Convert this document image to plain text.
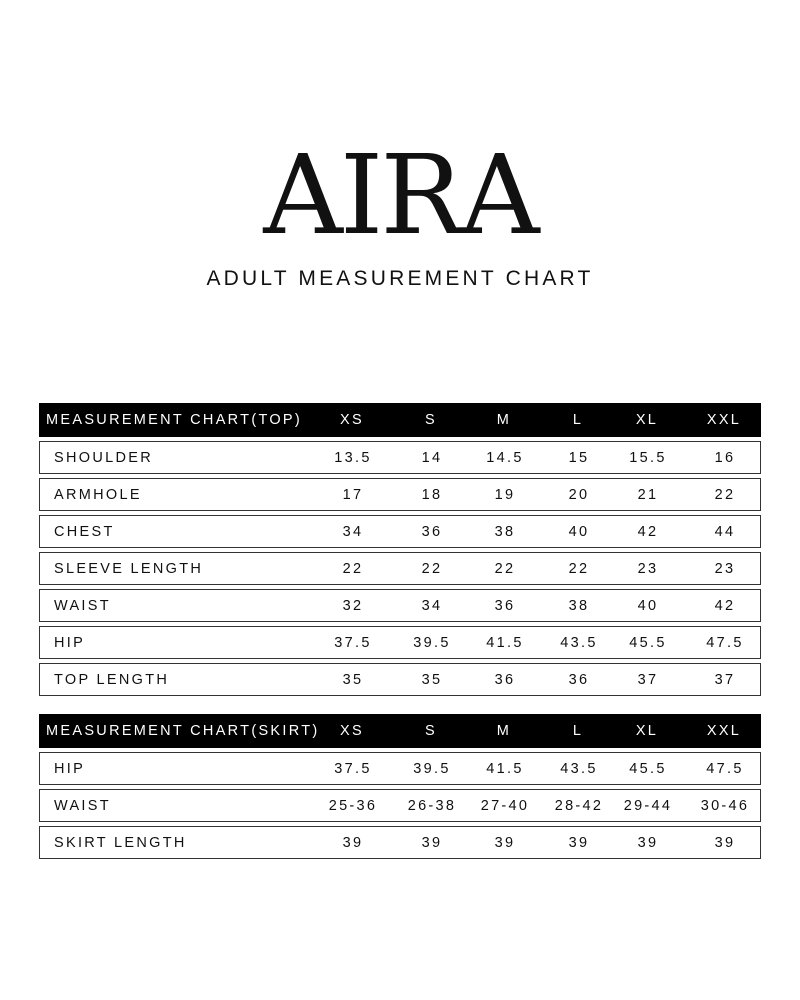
AIRA
ADULT MEASUREMENT CHART
MEASUREMENT CHART(TOP)	XS	S	M	L	XL	XXL
SHOULDER	13.5	14	14.5	15	15.5	16
ARMHOLE	17	18	19	20	21	22
CHEST	34	36	38	40	42	44
SLEEVE LENGTH	22	22	22	22	23	23
WAIST	32	34	36	38	40	42
HIP	37.5	39.5	41.5	43.5	45.5	47.5
TOP LENGTH	35	35	36	36	37	37
MEASUREMENT CHART(SKIRT)	XS	S	M	L	XL	XXL
HIP	37.5	39.5	41.5	43.5	45.5	47.5
WAIST	25-36	26-38	27-40	28-42	29-44	30-46
SKIRT LENGTH	39	39	39	39	39	39
